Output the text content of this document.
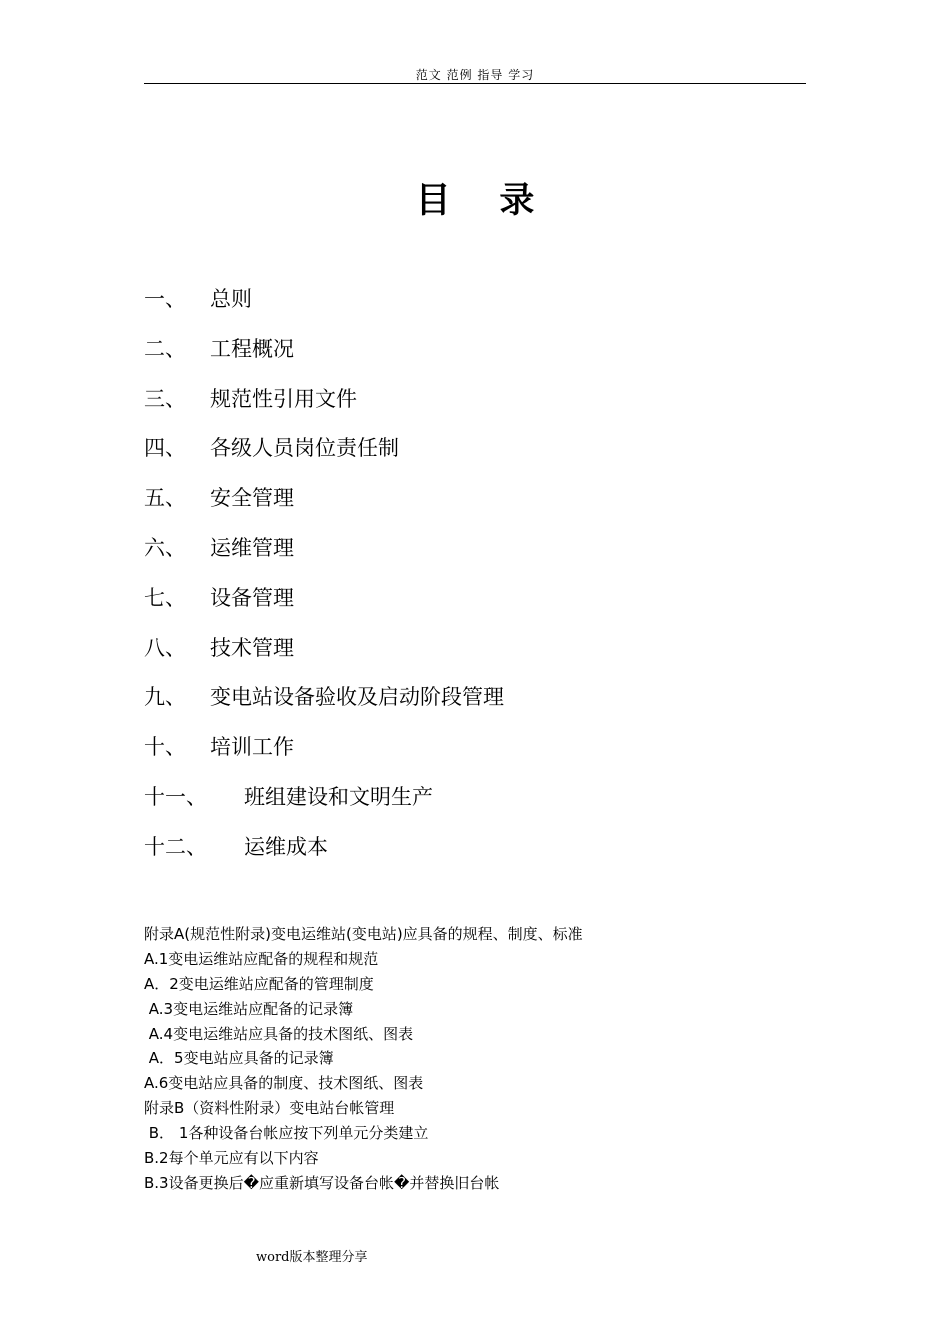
范文 范例 指导 学习
目    录
一、	总则
二、	工程概况
三、	规范性引用文件
四、	各级人员岗位责任制
五、	安全管理
六、	运维管理
七、	设备管理
八、	技术管理
九、	变电站设备验收及启动阶段管理
十、	培训工作
十一、	班组建设和文明生产
十二、	运维成本
附录A(规范性附录)变电运维站(变电站)应具备的规程、制度、标准
A.1变电运维站应配备的规程和规范
A．2变电运维站应配备的管理制度
A.3变电运维站应配备的记录簿
A.4变电运维站应具备的技术图纸、图表
A．5变电站应具备的记录簿
A.6变电站应具备的制度、技术图纸、图表
附录B（资料性附录）变电站台帐管理
B． 1各种设备台帐应按下列单元分类建立
B.2每个单元应有以下内容
B.3设备更换后�应重新填写设备台帐�并替换旧台帐
word版本整理分享
